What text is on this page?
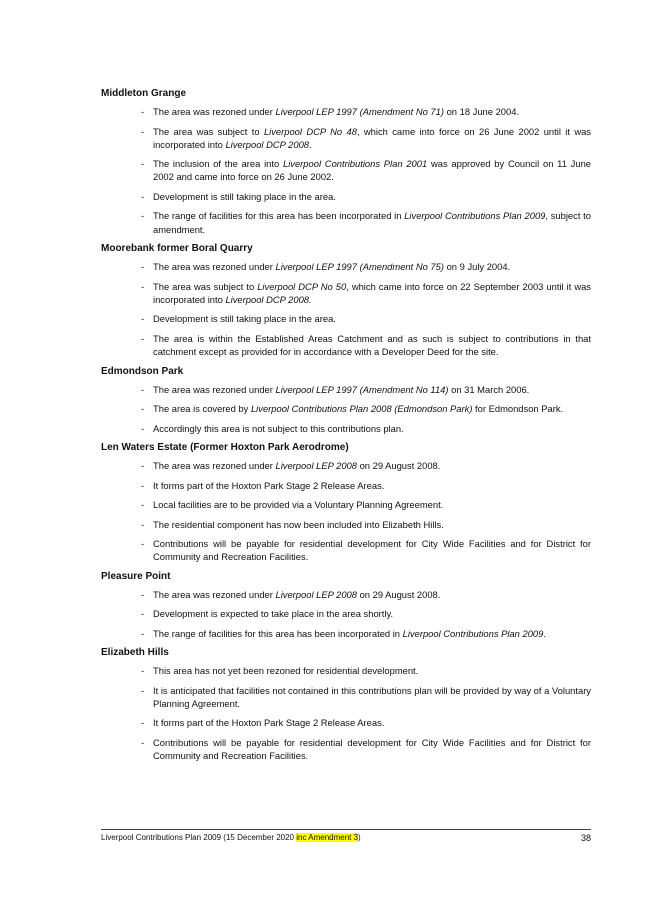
Middleton Grange
- The area was rezoned under Liverpool LEP 1997 (Amendment No 71) on 18 June 2004.
- The area was subject to Liverpool DCP No 48, which came into force on 26 June 2002 until it was incorporated into Liverpool DCP 2008.
- The inclusion of the area into Liverpool Contributions Plan 2001 was approved by Council on 11 June 2002 and came into force on 26 June 2002.
- Development is still taking place in the area.
- The range of facilities for this area has been incorporated in Liverpool Contributions Plan 2009, subject to amendment.
Moorebank former Boral Quarry
- The area was rezoned under Liverpool LEP 1997 (Amendment No 75) on 9 July 2004.
- The area was subject to Liverpool DCP No 50, which came into force on 22 September 2003 until it was incorporated into Liverpool DCP 2008.
- Development is still taking place in the area.
- The area is within the Established Areas Catchment and as such is subject to contributions in that catchment except as provided for in accordance with a Developer Deed for the site.
Edmondson Park
- The area was rezoned under Liverpool LEP 1997 (Amendment No 114) on 31 March 2006.
- The area is covered by Liverpool Contributions Plan 2008 (Edmondson Park) for Edmondson Park.
- Accordingly this area is not subject to this contributions plan.
Len Waters Estate (Former Hoxton Park Aerodrome)
- The area was rezoned under Liverpool LEP 2008 on 29 August 2008.
- It forms part of the Hoxton Park Stage 2 Release Areas.
- Local facilities are to be provided via a Voluntary Planning Agreement.
- The residential component has now been included into Elizabeth Hills.
- Contributions will be payable for residential development for City Wide Facilities and for District for Community and Recreation Facilities.
Pleasure Point
- The area was rezoned under Liverpool LEP 2008 on 29 August 2008.
- Development is expected to take place in the area shortly.
- The range of facilities for this area has been incorporated in Liverpool Contributions Plan 2009.
Elizabeth Hills
- This area has not yet been rezoned for residential development.
- It is anticipated that facilities not contained in this contributions plan will be provided by way of a Voluntary Planning Agreement.
- It forms part of the Hoxton Park Stage 2 Release Areas.
- Contributions will be payable for residential development for City Wide Facilities and for District for Community and Recreation Facilities.
Liverpool Contributions Plan 2009 (15 December 2020 inc Amendment 3)	38
